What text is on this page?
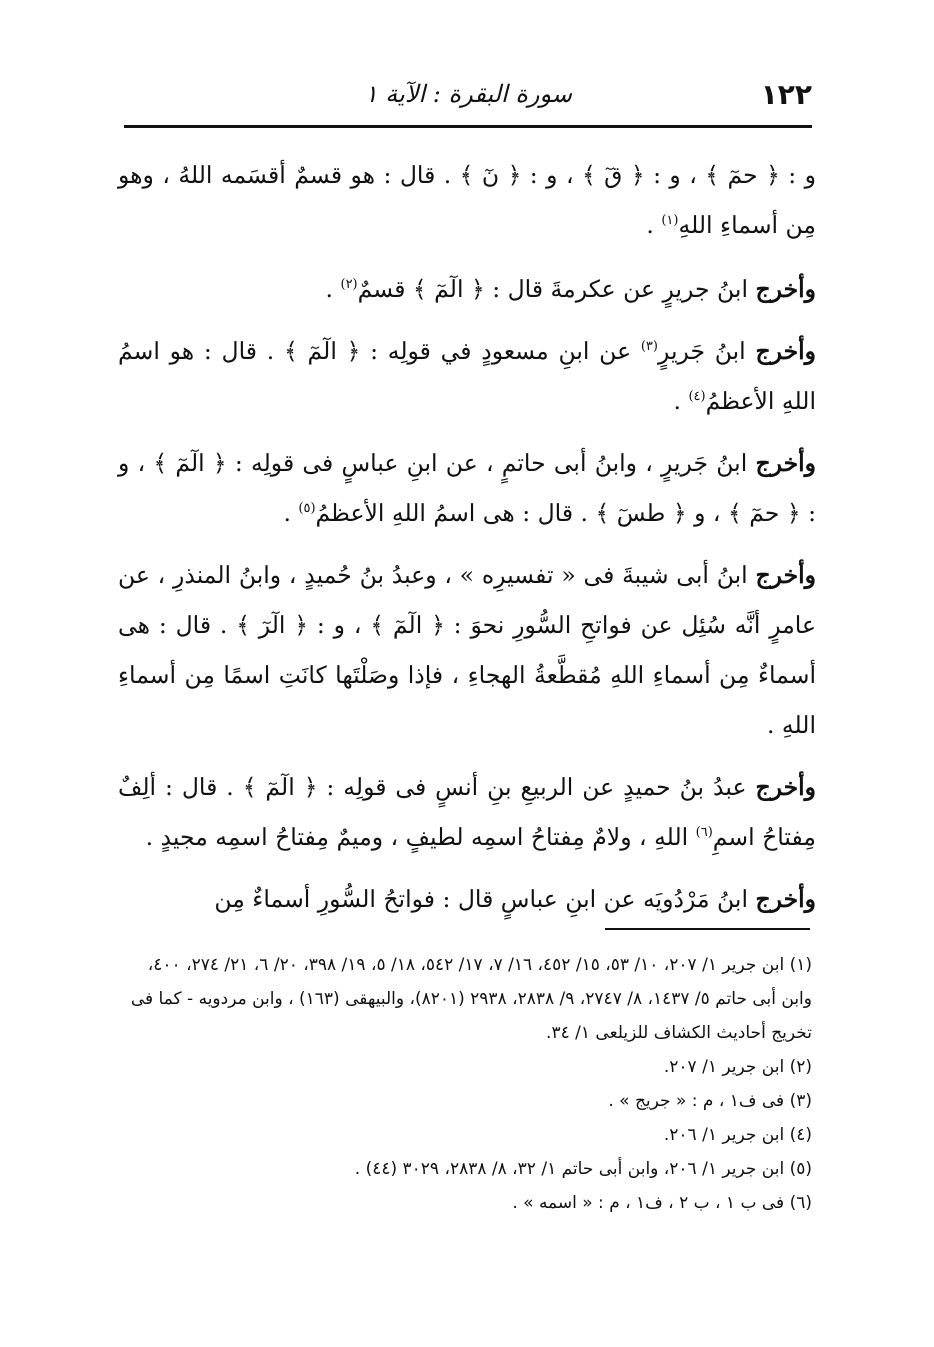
١٢٢
سورة البقرة : الآية ١

و : ﴿ حمٓ ﴾ ، و : ﴿ قٓ ﴾ ، و : ﴿ نٓ ﴾ . قال : هو قسمٌ أقسَمه اللهُ ، وهو مِن أسماءِ اللهِ$^{(١)}$ .

وأخرج ابنُ جريرٍ عن عكرمةَ قال : ﴿ الٓمٓ ﴾ قسمٌ$^{(٢)}$ .

وأخرج ابنُ جَريرٍ$^{(٣)}$ عن ابنِ مسعودٍ في قولِه : ﴿ الٓمٓ ﴾ . قال : هو اسمُ اللهِ الأعظمُ$^{(٤)}$ .

وأخرج ابنُ جَريرٍ ، وابنُ أبى حاتمٍ ، عن ابنِ عباسٍ فى قولِه : ﴿ الٓمٓ ﴾ ، و : ﴿ حمٓ ﴾ ، و ﴿ طسٓ ﴾ . قال : هى اسمُ اللهِ الأعظمُ$^{(٥)}$ .

وأخرج ابنُ أبى شيبةَ فى « تفسيرِه » ، وعبدُ بنُ حُميدٍ ، وابنُ المنذرِ ، عن عامرٍ أنَّه سُئِل عن فواتحِ السُّورِ نحوَ : ﴿ الٓمٓ ﴾ ، و : ﴿ الٓرٓ ﴾ . قال : هى أسماءٌ مِن أسماءِ اللهِ مُقطَّعةُ الهجاءِ ، فإذا وصَلْتَها كانَتِ اسمًا مِن أسماءِ اللهِ .

وأخرج عبدُ بنُ حميدٍ عن الربيعِ بنِ أنسٍ فى قولِه : ﴿ الٓمٓ ﴾ . قال : ألِفٌ مِفتاحُ اسمِ$^{(٦)}$ اللهِ ، ولامٌ مِفتاحُ اسمِه لطيفٍ ، وميمٌ مِفتاحُ اسمِه مجيدٍ .

وأخرج ابنُ مَرْدُويَه عن ابنِ عباسٍ قال : فواتحُ السُّورِ أسماءٌ مِن

(١) ابن جرير ١/ ٢٠٧، ١٠/ ٥٣، ١٥/ ٤٥٢، ١٦/ ٧، ١٧/ ٥٤٢، ١٨/ ٥، ١٩/ ٣٩٨، ٢٠/ ٦، ٢١/ ٢٧٤، ٤٠٠، وابن أبى حاتم ٥/ ١٤٣٧، ٨/ ٢٧٤٧، ٩/ ٢٨٣٨، ٢٩٣٨ (٨٢٠١)، والبيهقى (١٦٣) ، وابن مردويه - كما فى تخريج أحاديث الكشاف للزيلعى ١/ ٣٤.

(٢) ابن جرير ١/ ٢٠٧.

(٣) فى ف١ ، م : « جريج » .

(٤) ابن جرير ١/ ٢٠٦.

(٥) ابن جرير ١/ ٢٠٦، وابن أبى حاتم ١/ ٣٢، ٨/ ٢٨٣٨، ٣٠٢٩ (٤٤) .

(٦) فى ب ١ ، ب ٢ ، ف١ ، م : « اسمه » .
